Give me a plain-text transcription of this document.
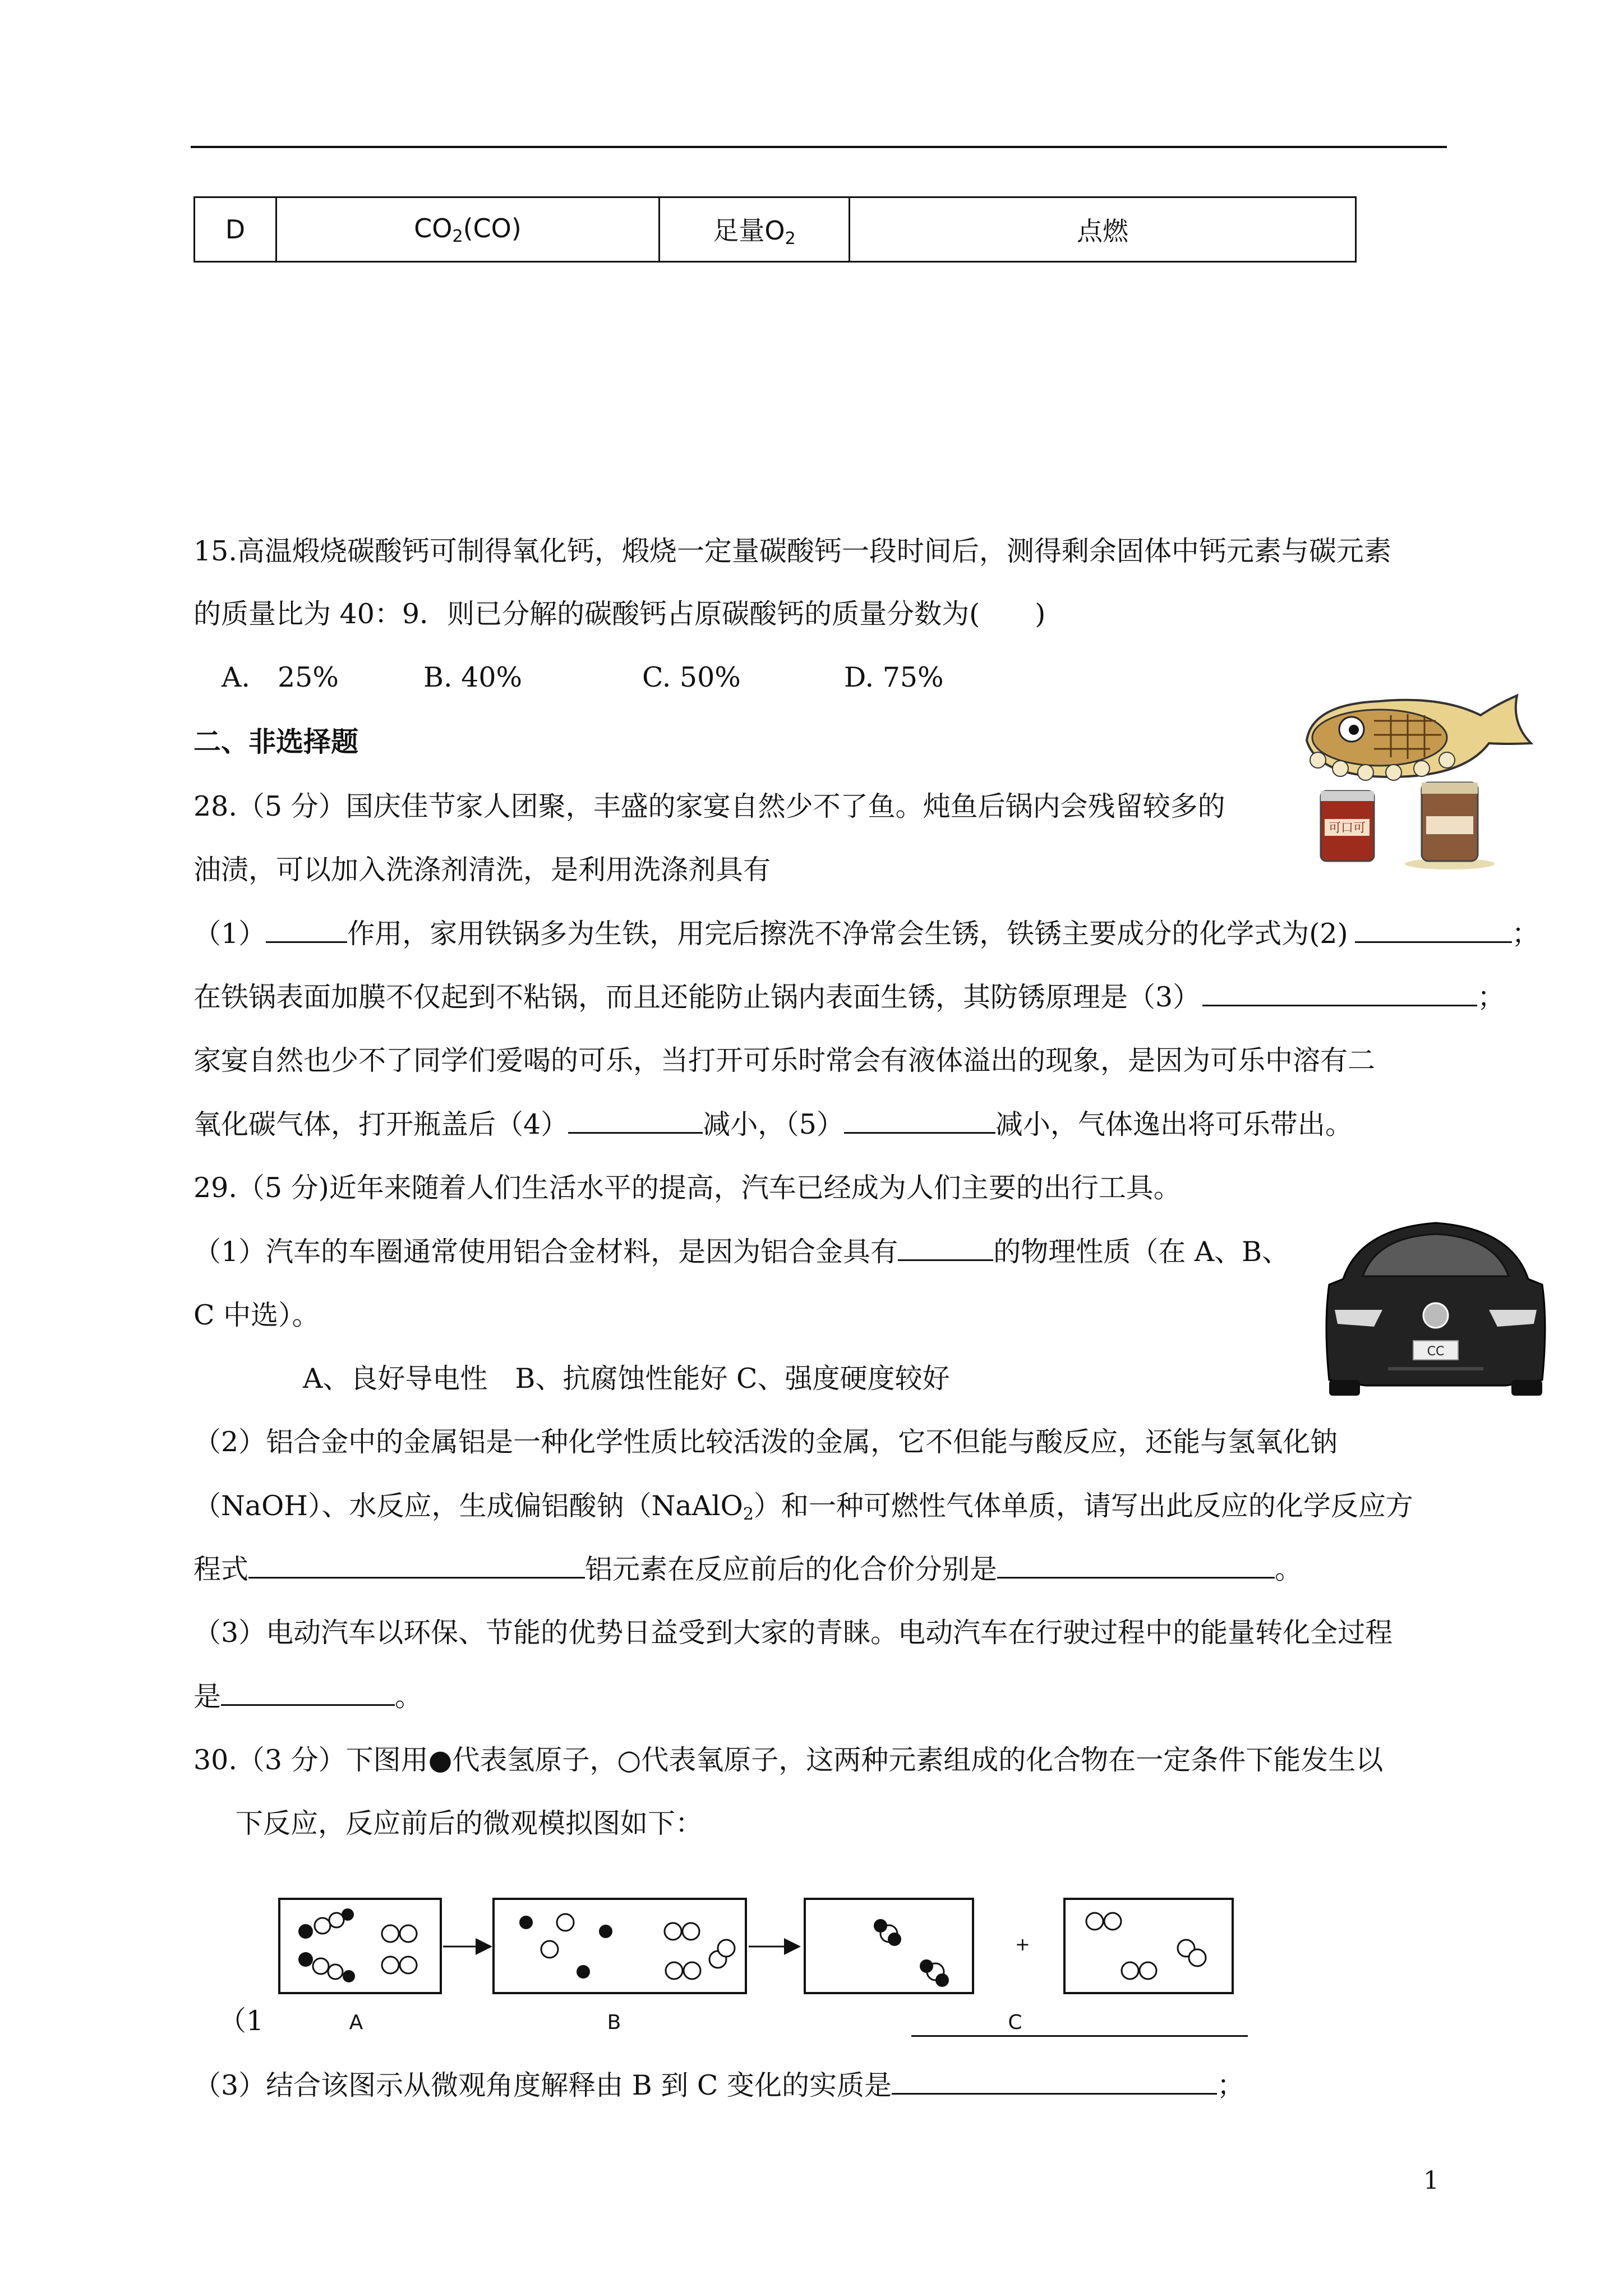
D	$CO_2(CO)$	足量$O_2$	点燃
15.高温煅烧碳酸钙可制得氧化钙，煅烧一定量碳酸钙一段时间后，测得剩余固体中钙元素与碳元素
的质量比为 40：9．则已分解的碳酸钙占原碳酸钙的质量分数为(　　)
A.　25%	B. 40%	C. 50%	D. 75%
二、非选择题
28.（5 分）国庆佳节家人团聚，丰盛的家宴自然少不了鱼。炖鱼后锅内会残留较多的
油渍，可以加入洗涤剂清洗，是利用洗涤剂具有
（1）	作用，家用铁锅多为生铁，用完后擦洗不净常会生锈，铁锈主要成分的化学式为(2)	；
在铁锅表面加膜不仅起到不粘锅，而且还能防止锅内表面生锈，其防锈原理是（3）	；
家宴自然也少不了同学们爱喝的可乐，当打开可乐时常会有液体溢出的现象，是因为可乐中溶有二
氧化碳气体，打开瓶盖后（4）	减小，（5）	减小，气体逸出将可乐带出。
可口可
29.（5 分)近年来随着人们生活水平的提高，汽车已经成为人们主要的出行工具。
（1）汽车的车圈通常使用铝合金材料，是因为铝合金具有	的物理性质（在 A、B、
C 中选）。
A、良好导电性　B、抗腐蚀性能好 C、强度硬度较好
（2）铝合金中的金属铝是一种化学性质比较活泼的金属，它不但能与酸反应，还能与氢氧化钠
（NaOH）、水反应，生成偏铝酸钠（NaAlO$_2$）和一种可燃性气体单质，请写出此反应的化学反应方
程式	铝元素在反应前后的化合价分别是	。
（3）电动汽车以环保、节能的优势日益受到大家的青睐。电动汽车在行驶过程中的能量转化全过程
是	。
CC
30.（3 分）下图用●代表氢原子，○代表氧原子，这两种元素组成的化合物在一定条件下能发生以
下反应，反应前后的微观模拟图如下：
+
A	B	C
（1
（3）结合该图示从微观角度解释由 B 到 C 变化的实质是	；
1
